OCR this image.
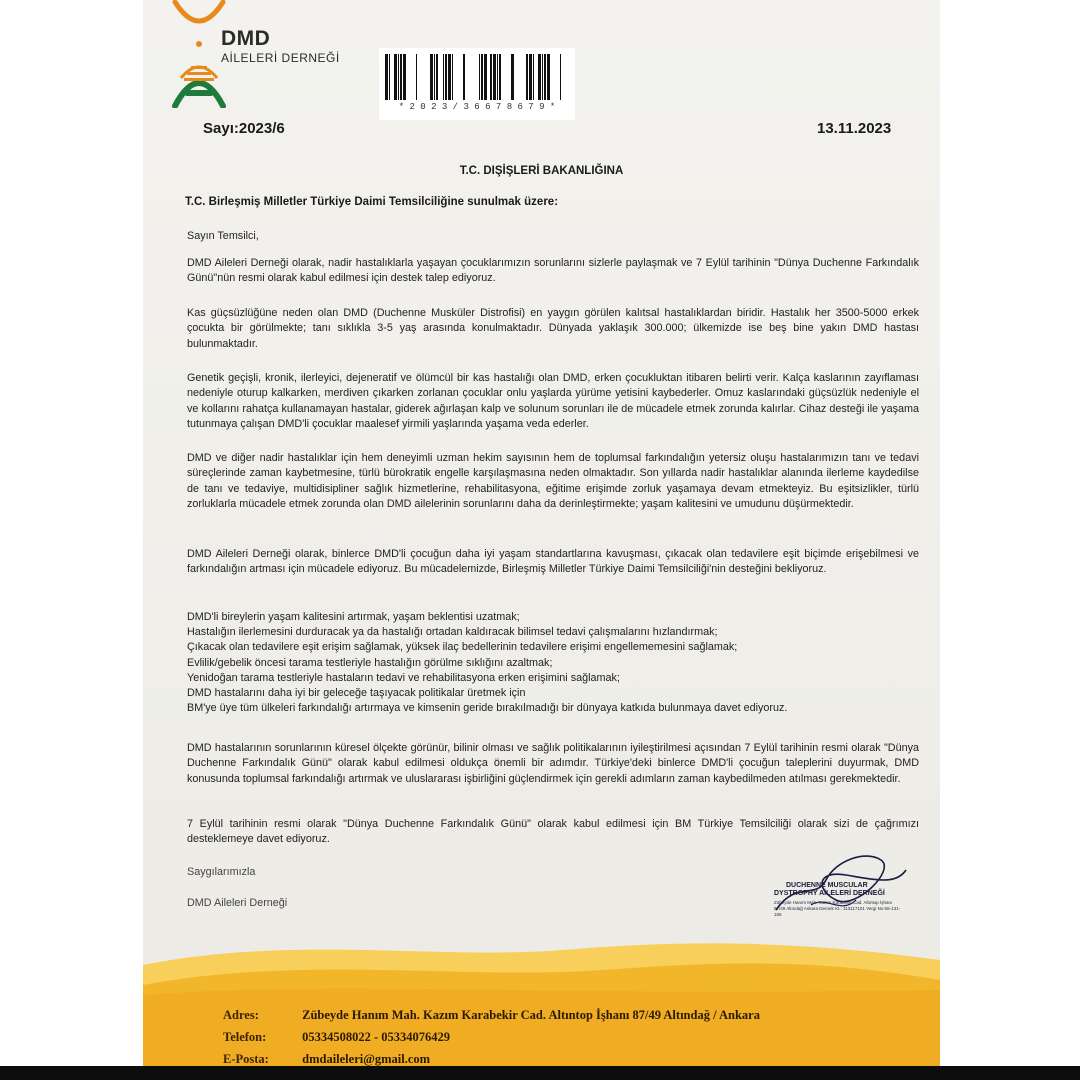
DMD
AİLELERİ DERNEĞİ
* 2 0 2 3 / 3 6 6 7 8 6 7 9 *
Sayı:2023/6	13.11.2023
T.C. DIŞİŞLERİ BAKANLIĞINA
T.C. Birleşmiş Milletler Türkiye Daimi Temsilciliğine sunulmak üzere:
Sayın Temsilci,
DMD Aileleri Derneği olarak, nadir hastalıklarla yaşayan çocuklarımızın sorunlarını sizlerle paylaşmak ve 7 Eylül tarihinin "Dünya Duchenne Farkındalık Günü"nün resmi olarak kabul edilmesi için destek talep ediyoruz.
Kas güçsüzlüğüne neden olan DMD (Duchenne Musküler Distrofisi) en yaygın görülen kalıtsal hastalıklardan biridir. Hastalık her 3500-5000 erkek çocukta bir görülmekte; tanı sıklıkla 3-5 yaş arasında konulmaktadır. Dünyada yaklaşık 300.000; ülkemizde ise beş bine yakın DMD hastası bulunmaktadır.
Genetik geçişli, kronik, ilerleyici, dejeneratif ve ölümcül bir kas hastalığı olan DMD, erken çocukluktan itibaren belirti verir. Kalça kaslarının zayıflaması nedeniyle oturup kalkarken, merdiven çıkarken zorlanan çocuklar onlu yaşlarda yürüme yetisini kaybederler. Omuz kaslarındaki güçsüzlük nedeniyle el ve kollarını rahatça kullanamayan hastalar, giderek ağırlaşan kalp ve solunum sorunları ile de mücadele etmek zorunda kalırlar. Cihaz desteği ile yaşama tutunmaya çalışan DMD'li çocuklar maalesef yirmili yaşlarında yaşama veda ederler.
DMD ve diğer nadir hastalıklar için hem deneyimli uzman hekim sayısının hem de toplumsal farkındalığın yetersiz oluşu hastalarımızın tanı ve tedavi süreçlerinde zaman kaybetmesine, türlü bürokratik engelle karşılaşmasına neden olmaktadır. Son yıllarda nadir hastalıklar alanında ilerleme kaydedilse de tanı ve tedaviye, multidisipliner sağlık hizmetlerine, rehabilitasyona, eğitime erişimde zorluk yaşamaya devam etmekteyiz. Bu eşitsizlikler, türlü zorluklarla mücadele etmek zorunda olan DMD ailelerinin sorunlarını daha da derinleştirmekte; yaşam kalitesini ve umudunu düşürmektedir.
DMD Aileleri Derneği olarak, binlerce DMD'li çocuğun daha iyi yaşam standartlarına kavuşması, çıkacak olan tedavilere eşit biçimde erişebilmesi ve farkındalığın artması için mücadele ediyoruz. Bu mücadelemizde, Birleşmiş Milletler Türkiye Daimi Temsilciliği'nin desteğini bekliyoruz.
DMD'li bireylerin yaşam kalitesini artırmak, yaşam beklentisi uzatmak;
Hastalığın ilerlemesini durduracak ya da hastalığı ortadan kaldıracak bilimsel tedavi çalışmalarını hızlandırmak;
Çıkacak olan tedavilere eşit erişim sağlamak, yüksek ilaç bedellerinin tedavilere erişimi engellememesini sağlamak;
Evlilik/gebelik öncesi tarama testleriyle hastalığın görülme sıklığını azaltmak;
Yenidoğan tarama testleriyle hastaların tedavi ve rehabilitasyona erken erişimini sağlamak;
DMD hastalarını daha iyi bir geleceğe taşıyacak politikalar üretmek için
BM'ye üye tüm ülkeleri farkındalığı artırmaya ve kimsenin geride bırakılmadığı bir dünyaya katkıda bulunmaya davet ediyoruz.
DMD hastalarının sorunlarının küresel ölçekte görünür, bilinir olması ve sağlık politikalarının iyileştirilmesi açısından 7 Eylül tarihinin resmi olarak "Dünya Duchenne Farkındalık Günü" olarak kabul edilmesi oldukça önemli bir adımdır. Türkiye'deki binlerce DMD'li çocuğun taleplerini duyurmak, DMD konusunda toplumsal farkındalığı artırmak ve uluslararası işbirliğini güçlendirmek için gerekli adımların zaman kaybedilmeden atılması gerekmektedir.
7 Eylül tarihinin resmi olarak "Dünya Duchenne Farkındalık Günü" olarak kabul edilmesi için BM Türkiye Temsilciliği olarak sizi de çağrımızı desteklemeye davet ediyoruz.
Saygılarımızla
DMD Aileleri Derneği
DUCHENNE MUSCULAR
DYSTROPHY AİLELERİ DERNEĞİ
Zübeyde Hanım Mah. Kazım Karabekir Cad. Altıntop İşhanı 87/49 Altındağ Ankara Dernek Kt.: 113117101 Vergi No:06-131-165
Adres:	Zübeyde Hanım Mah. Kazım Karabekir Cad. Altıntop İşhanı 87/49 Altındağ / Ankara
Telefon:	05334508022 - 05334076429
E-Posta:	dmdaileleri@gmail.com
